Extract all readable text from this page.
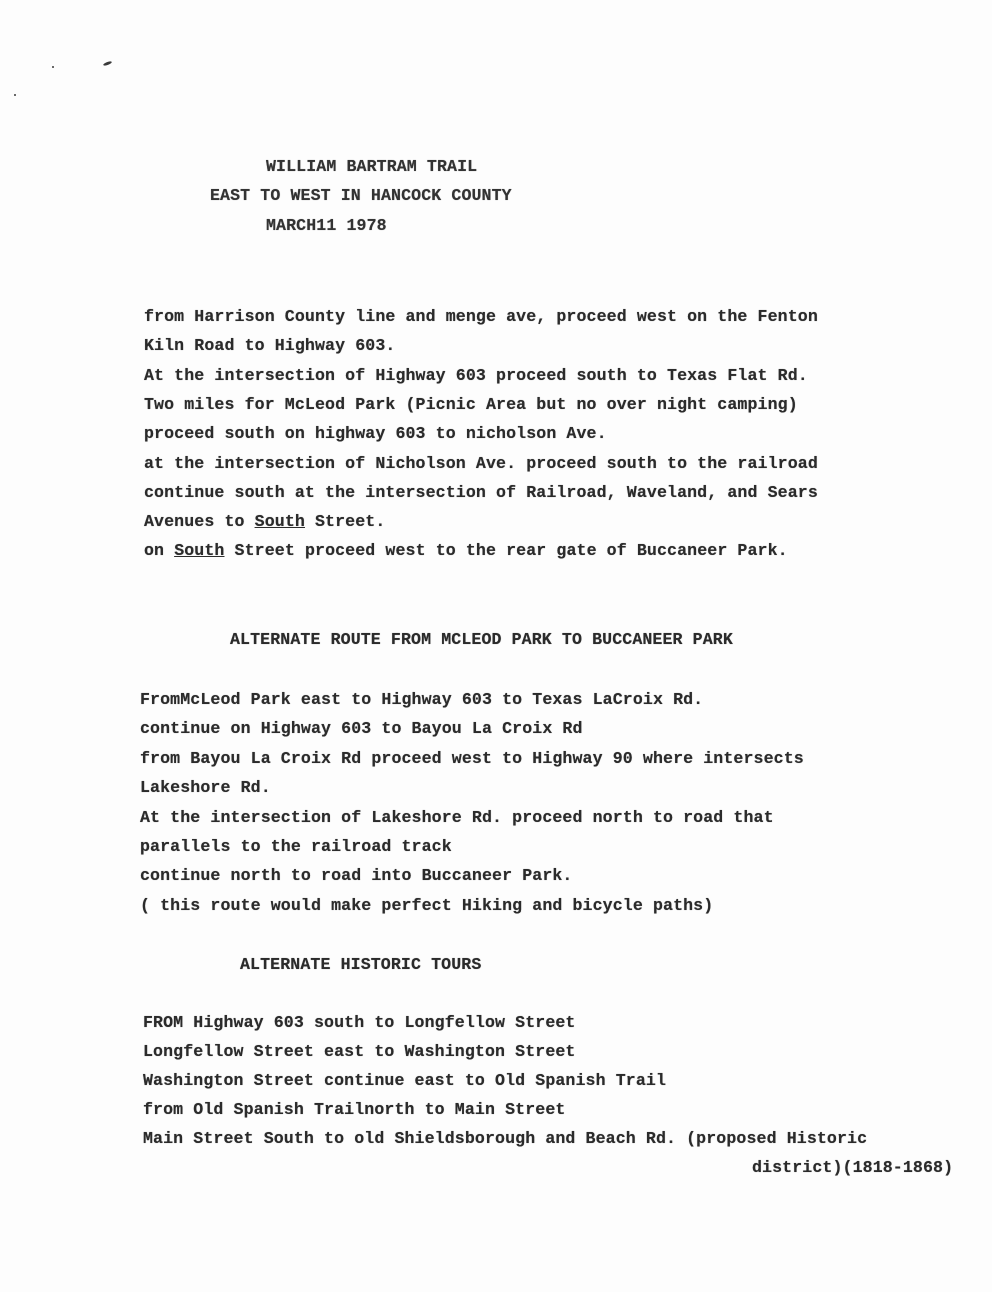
WILLIAM BARTRAM TRAIL
EAST TO WEST IN HANCOCK COUNTY
MARCH11 1978
from Harrison County line and menge ave, proceed west on the Fenton
Kiln Road to Highway 603.
At the intersection of Highway 603 proceed south to Texas Flat Rd.
Two miles for McLeod Park (Picnic Area but no over night camping)
proceed south on highway 603 to nicholson Ave.
at the intersection of Nicholson Ave. proceed south to the railroad
continue south at the intersection of Railroad, Waveland, and Sears
Avenues to South Street.
on South Street proceed west to the rear gate of Buccaneer Park.
ALTERNATE ROUTE FROM MCLEOD PARK TO BUCCANEER PARK
FromMcLeod Park east to Highway 603 to Texas LaCroix Rd.
continue on Highway 603 to Bayou La Croix Rd
from Bayou La Croix Rd proceed west to Highway 90 where intersects
Lakeshore Rd.
At the intersection of Lakeshore Rd. proceed north to road that
parallels to the railroad track
continue north to road into Buccaneer Park.
( this route would make perfect Hiking and bicycle paths)
ALTERNATE HISTORIC TOURS
FROM Highway 603 south to Longfellow Street
Longfellow Street east to Washington Street
Washington Street continue east to Old Spanish Trail
from Old Spanish Trailnorth to Main Street
Main Street South to old Shieldsborough and Beach Rd. (proposed Historic
district)(1818-1868)
